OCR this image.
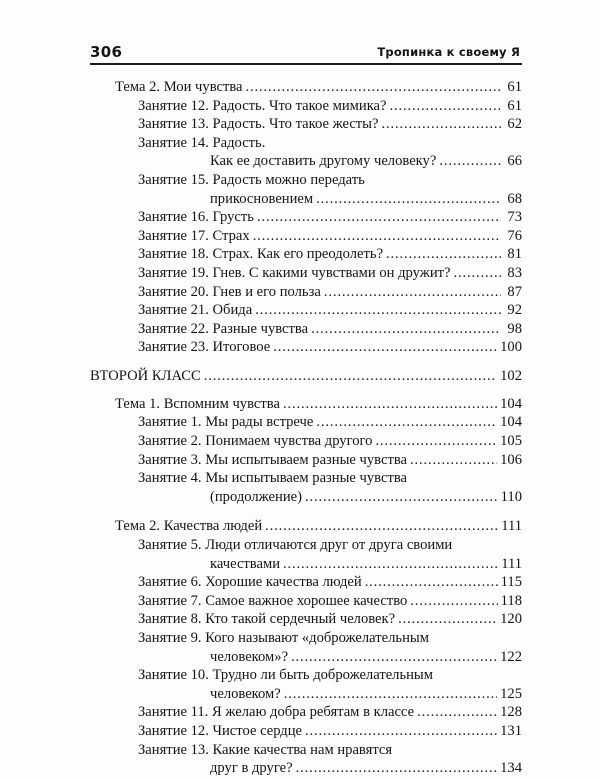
306	Тропинка к своему Я
Тема 2. Мои чувства . . .	61
Занятие 12. Радость. Что такое мимика? . . .	61
Занятие 13. Радость. Что такое жесты? . . .	62
Занятие 14. Радость.
Как ее доставить другому человеку? . . .	66
Занятие 15. Радость можно передать
прикосновением . . .	68
Занятие 16. Грусть . . .	73
Занятие 17. Страх . . .	76
Занятие 18. Страх. Как его преодолеть? . . .	81
Занятие 19. Гнев. С какими чувствами он дружит? . . .	83
Занятие 20. Гнев и его польза . . .	87
Занятие 21. Обида . . .	92
Занятие 22. Разные чувства . . .	98
Занятие 23. Итоговое . . .	100
ВТОРОЙ КЛАСС . . .	102
Тема 1. Вспомним чувства . . .	104
Занятие 1. Мы рады встрече . . .	104
Занятие 2. Понимаем чувства другого . . .	105
Занятие 3. Мы испытываем разные чувства . . .	106
Занятие 4. Мы испытываем разные чувства
(продолжение) . . .	110
Тема 2. Качества людей . . .	111
Занятие 5. Люди отличаются друг от друга своими
качествами . . .	111
Занятие 6. Хорошие качества людей . . .	115
Занятие 7. Самое важное хорошее качество . . .	118
Занятие 8. Кто такой сердечный человек? . . .	120
Занятие 9. Кого называют «доброжелательным
человеком»? . . .	122
Занятие 10. Трудно ли быть доброжелательным
человеком? . . .	125
Занятие 11. Я желаю добра ребятам в классе . . .	128
Занятие 12. Чистое сердце . . .	131
Занятие 13. Какие качества нам нравятся
друг в друге? . . .	134
